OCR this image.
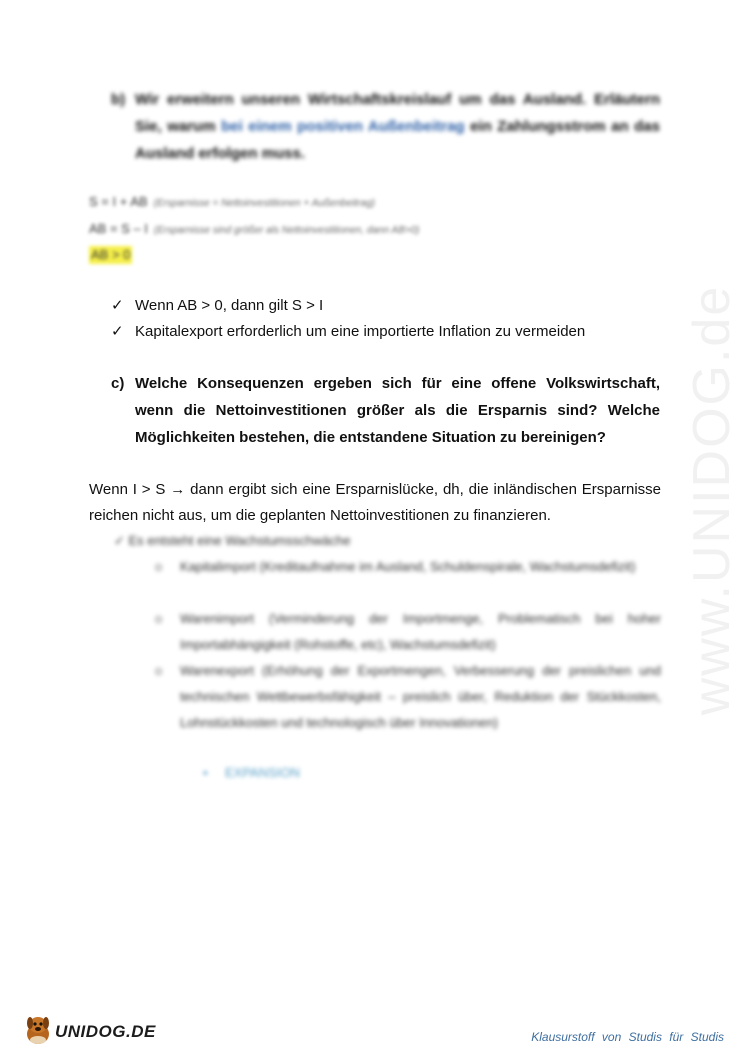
www.UNIDOG.de
b) Wir erweitern unseren Wirtschaftskreislauf um das Ausland. Erläutern Sie, warum bei einem positiven Außenbeitrag ein Zahlungsstrom an das Ausland erfolgen muss.
S = I + AB (Ersparnisse = Nettoinvestitionen + Außenbeitrag)
AB = S – I (Ersparnisse sind größer als Nettoinvestitionen, dann AB>0)
AB > 0
✓ Wenn AB > 0, dann gilt S > I
✓ Kapitalexport erforderlich um eine importierte Inflation zu vermeiden
c) Welche Konsequenzen ergeben sich für eine offene Volkswirtschaft, wenn die Nettoinvestitionen größer als die Ersparnis sind? Welche Möglichkeiten bestehen, die entstandene Situation zu bereinigen?
Wenn I > S → dann ergibt sich eine Ersparnislücke, dh, die inländischen Ersparnisse reichen nicht aus, um die geplanten Nettoinvestitionen zu finanzieren.
✓ Es entsteht eine Wachstumsschwäche
o Kapitalimport (Kreditaufnahme im Ausland, Schuldenspirale, Wachstumsdefizit)
o Warenimport (Verminderung der Importmenge, Problematisch bei hoher Importabhängigkeit (Rohstoffe, etc), Wachstumsdefizit)
o Warenexport (Erhöhung der Exportmengen, Verbesserung der preislichen und technischen Wettbewerbsfähigkeit – preislich über, Reduktion der Stückkosten, Lohnstückkosten und technologisch über Innovationen)
▪ EXPANSION
UNIDOG.DE	Klausurstoff von Studis für Studis
